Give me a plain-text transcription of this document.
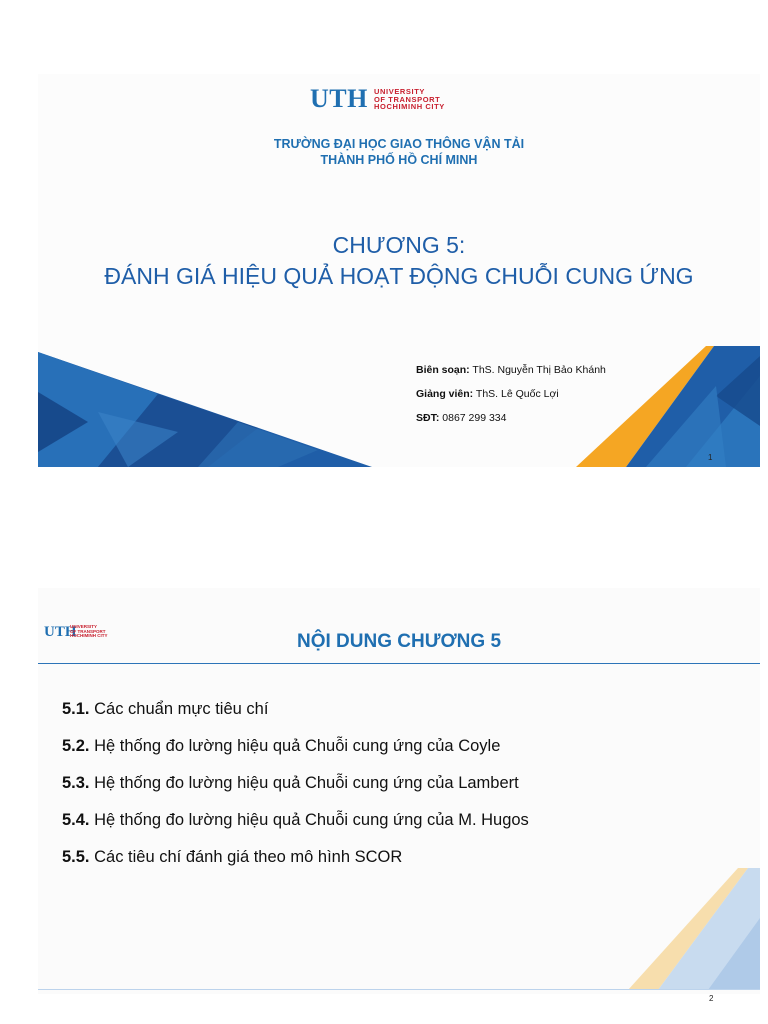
UTH UNIVERSITY
OF TRANSPORT
HOCHIMINH CITY
TRƯỜNG ĐẠI HỌC GIAO THÔNG VẬN TẢI
THÀNH PHỐ HỒ CHÍ MINH
CHƯƠNG 5:
ĐÁNH GIÁ HIỆU QUẢ HOẠT ĐỘNG CHUỖI CUNG ỨNG
Biên soạn: ThS. Nguyễn Thị Bảo Khánh
Giảng viên: ThS. Lê Quốc Lợi
SĐT: 0867 299 334
1
UTH
UNIVERSITY
OF TRANSPORT
HOCHIMINH CITY	NỘI DUNG CHƯƠNG 5
5.1. Các chuẩn mực tiêu chí
5.2. Hệ thống đo lường hiệu quả Chuỗi cung ứng của Coyle
5.3. Hệ thống đo lường hiệu quả Chuỗi cung ứng của Lambert
5.4. Hệ thống đo lường hiệu quả Chuỗi cung ứng của M. Hugos
5.5. Các tiêu chí đánh giá theo mô hình SCOR
2
